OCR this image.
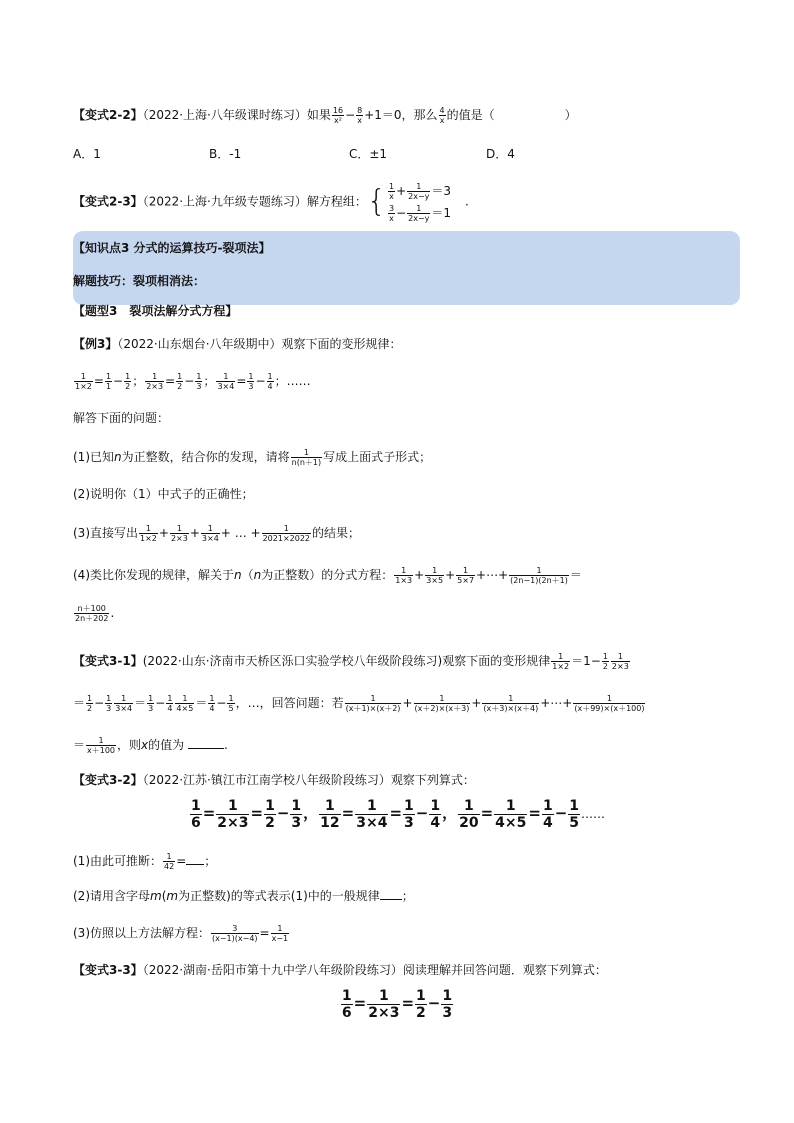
【变式2-2】（2022·上海·八年级课时练习）如果 $\frac{16}{\text{x²}} - \frac{8}{x} +1=0$，那么 $\frac{4}{x}$ 的值是（	）
A．1	B．-1	C．±1	D．4
【变式2-3】（2022·上海·九年级专题练习）解方程组：{ $\frac{1}{x} + \frac{1}{2x-y} =3$
$\frac{3}{x} - \frac{1}{2x-y} =1$
.
【知识点3 分式的运算技巧-裂项法】
解题技巧：裂项相消法：
【题型3　裂项法解分式方程】
【例3】（2022·山东烟台·八年级期中）观察下面的变形规律：
$\frac{1}{1\times 2} = \frac{1}{1} - \frac{1}{2}$ ； $\frac{1}{2\times 3} = \frac{1}{2} - \frac{1}{3}$ ； $\frac{1}{3\times 4} = \frac{1}{3} - \frac{1}{4}$ ；……
解答下面的问题：
(1)已知n为正整数，结合你的发现，请将 $\frac{1}{n(n+1)}$ 写成上面式子形式；
(2)说明你（1）中式子的正确性；
(3)直接写出 $\frac{1}{1\times 2} + \frac{1}{2\times 3} + \frac{1}{3\times 4}$ + … + $\frac{1}{2021\times 2022}$ 的结果；
(4)类比你发现的规律，解关于n（n为正整数）的分式方程： $\frac{1}{1\times 3} + \frac{1}{3\times 5} + \frac{1}{5\times 7}$ +⋯+ $\frac{1}{(2n-1)(2n+1)}$ ＝
$\frac{n+100}{2n+202}$ .
【变式3-1】(2022·山东·济南市天桥区泺口实验学校八年级阶段练习)观察下面的变形规律 $\frac{1}{1\times 2} =1- \frac{1}{2} \frac{1}{2\times 3}$
＝ $\frac{1}{2} - \frac{1}{3} \frac{1}{3\times 4} = \frac{1}{3} - \frac{1}{4} \frac{1}{4\times 5} = \frac{1}{4} - \frac{1}{5}$ ，…，回答问题：若 $\frac{1}{(x+1)\times(x+2)} + \frac{1}{(x+2)\times(x+3)} + \frac{1}{(x+3)\times(x+4)}$ +⋯+ $\frac{1}{(x+99)\times(x+100)}$
＝ $\frac{1}{x+100}$ ，则x的值为	.
【变式3-2】（2022·江苏·镇江市江南学校八年级阶段练习）观察下列算式：
$\frac{1}{6} = \frac{1}{2\times 3} = \frac{1}{2} - \frac{1}{3}$ ， $\frac{1}{12} = \frac{1}{3\times 4} = \frac{1}{3} - \frac{1}{4}$ ， $\frac{1}{20} = \frac{1}{4\times 5} = \frac{1}{4} - \frac{1}{5}$ ……
(1)由此可推断： $\frac{1}{42}$ = ；
(2)请用含字母m(m为正整数)的等式表示(1)中的一般规律 ；
(3)仿照以上方法解方程： $\frac{3}{(x-1)(x-4)} = \frac{1}{x-1}$
【变式3-3】（2022·湖南·岳阳市第十九中学八年级阶段练习）阅读理解并回答问题．观察下列算式：
$\frac{1}{6} = \frac{1}{2\times 3} = \frac{1}{2} - \frac{1}{3}$
